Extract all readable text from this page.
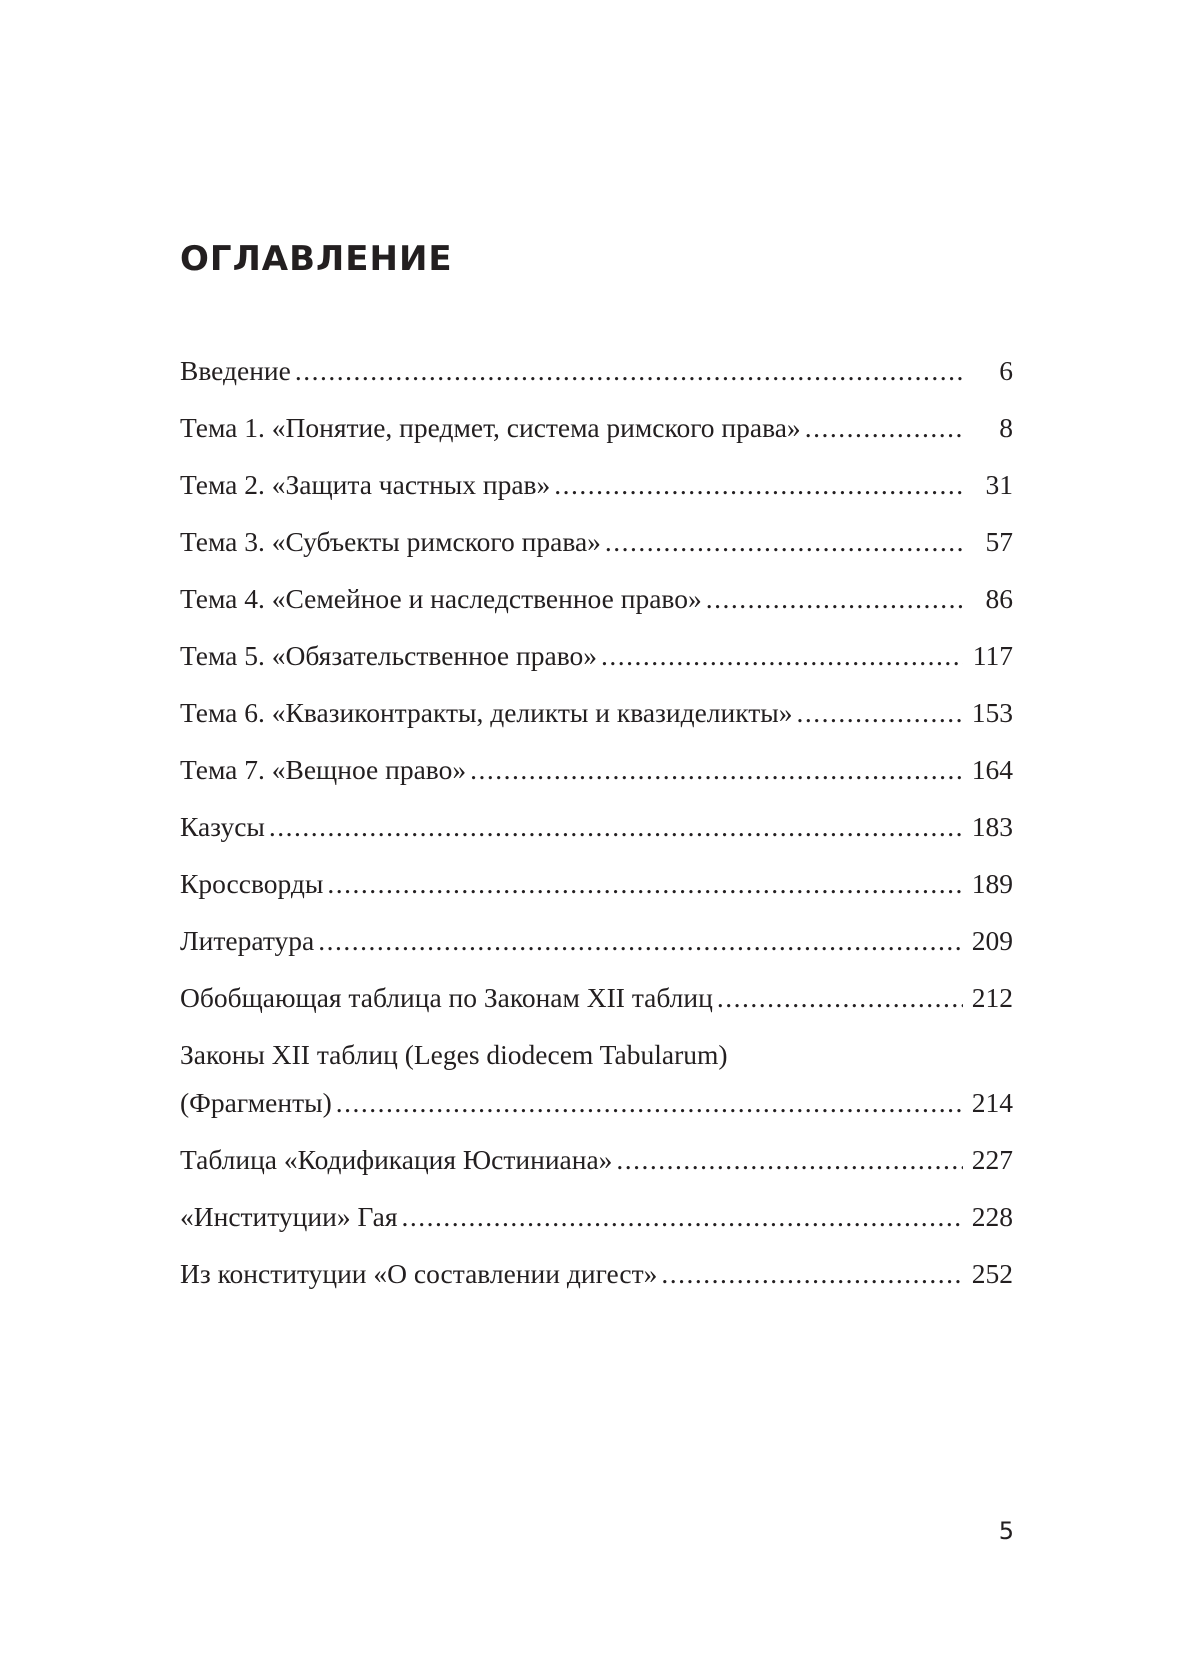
ОГЛАВЛЕНИЕ
Введение .....	6
Тема 1. «Понятие, предмет, система римского права» .....	8
Тема 2. «Защита частных прав» .....	31
Тема 3. «Субъекты римского права» .....	57
Тема 4. «Семейное и наследственное право» .....	86
Тема 5. «Обязательственное право» .....	117
Тема 6. «Квазиконтракты, деликты и квазиделикты» .....	153
Тема 7. «Вещное право» .....	164
Казусы .....	183
Кроссворды .....	189
Литература .....	209
Обобщающая таблица по Законам XII таблиц .....	212
Законы XII таблиц (Leges diodecem Tabularum)
(Фрагменты) .....	214
Таблица «Кодификация Юстиниана» .....	227
«Институции» Гая .....	228
Из конституции «О составлении дигест» .....	252
5
